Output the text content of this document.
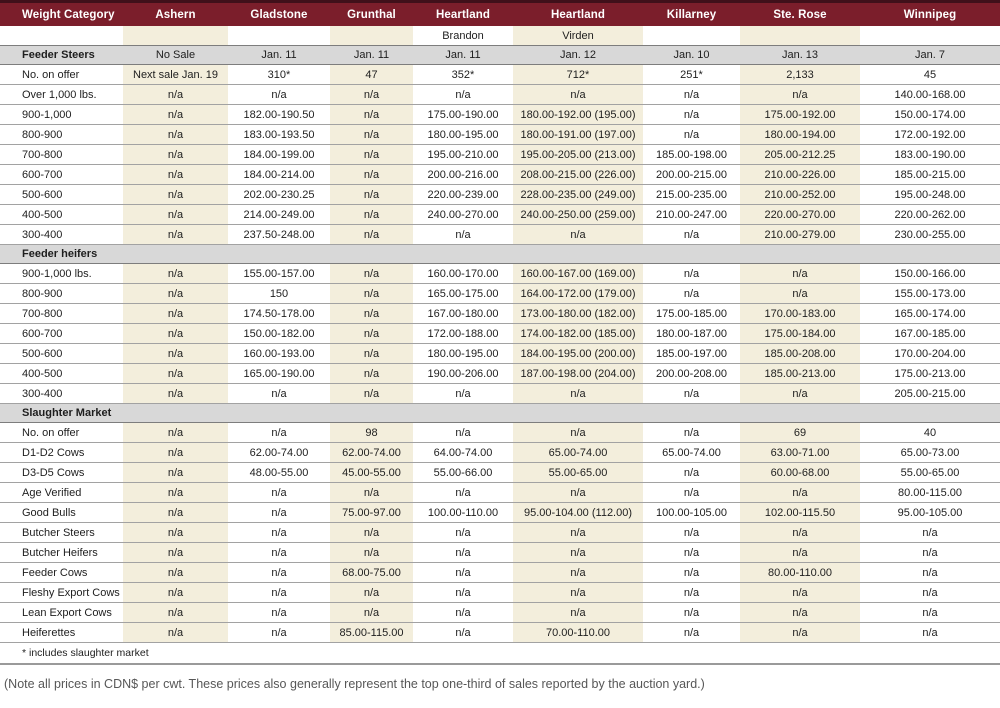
Weight Category	Ashern	Gladstone	Grunthal	Heartland	Heartland	Killarney	Ste. Rose	Winnipeg
				Brandon	Virden			
Feeder Steers	No Sale	Jan. 11	Jan. 11	Jan. 11	Jan. 12	Jan. 10	Jan. 13	Jan. 7
No. on offer	Next sale Jan. 19	310*	47	352*	712*	251*	2,133	45
Over 1,000 lbs.	n/a	n/a	n/a	n/a	n/a	n/a	n/a	140.00-168.00
900-1,000	n/a	182.00-190.50	n/a	175.00-190.00	180.00-192.00 (195.00)	n/a	175.00-192.00	150.00-174.00
800-900	n/a	183.00-193.50	n/a	180.00-195.00	180.00-191.00 (197.00)	n/a	180.00-194.00	172.00-192.00
700-800	n/a	184.00-199.00	n/a	195.00-210.00	195.00-205.00 (213.00)	185.00-198.00	205.00-212.25	183.00-190.00
600-700	n/a	184.00-214.00	n/a	200.00-216.00	208.00-215.00 (226.00)	200.00-215.00	210.00-226.00	185.00-215.00
500-600	n/a	202.00-230.25	n/a	220.00-239.00	228.00-235.00 (249.00)	215.00-235.00	210.00-252.00	195.00-248.00
400-500	n/a	214.00-249.00	n/a	240.00-270.00	240.00-250.00 (259.00)	210.00-247.00	220.00-270.00	220.00-262.00
300-400	n/a	237.50-248.00	n/a	n/a	n/a	n/a	210.00-279.00	230.00-255.00
Feeder heifers								
900-1,000 lbs.	n/a	155.00-157.00	n/a	160.00-170.00	160.00-167.00 (169.00)	n/a	n/a	150.00-166.00
800-900	n/a	150	n/a	165.00-175.00	164.00-172.00 (179.00)	n/a	n/a	155.00-173.00
700-800	n/a	174.50-178.00	n/a	167.00-180.00	173.00-180.00 (182.00)	175.00-185.00	170.00-183.00	165.00-174.00
600-700	n/a	150.00-182.00	n/a	172.00-188.00	174.00-182.00 (185.00)	180.00-187.00	175.00-184.00	167.00-185.00
500-600	n/a	160.00-193.00	n/a	180.00-195.00	184.00-195.00 (200.00)	185.00-197.00	185.00-208.00	170.00-204.00
400-500	n/a	165.00-190.00	n/a	190.00-206.00	187.00-198.00 (204.00)	200.00-208.00	185.00-213.00	175.00-213.00
300-400	n/a	n/a	n/a	n/a	n/a	n/a	n/a	205.00-215.00
Slaughter Market								
No. on offer	n/a	n/a	98	n/a	n/a	n/a	69	40
D1-D2 Cows	n/a	62.00-74.00	62.00-74.00	64.00-74.00	65.00-74.00	65.00-74.00	63.00-71.00	65.00-73.00
D3-D5 Cows	n/a	48.00-55.00	45.00-55.00	55.00-66.00	55.00-65.00	n/a	60.00-68.00	55.00-65.00
Age Verified	n/a	n/a	n/a	n/a	n/a	n/a	n/a	80.00-115.00
Good Bulls	n/a	n/a	75.00-97.00	100.00-110.00	95.00-104.00 (112.00)	100.00-105.00	102.00-115.50	95.00-105.00
Butcher Steers	n/a	n/a	n/a	n/a	n/a	n/a	n/a	n/a
Butcher Heifers	n/a	n/a	n/a	n/a	n/a	n/a	n/a	n/a
Feeder Cows	n/a	n/a	68.00-75.00	n/a	n/a	n/a	80.00-110.00	n/a
Fleshy Export Cows	n/a	n/a	n/a	n/a	n/a	n/a	n/a	n/a
Lean Export Cows	n/a	n/a	n/a	n/a	n/a	n/a	n/a	n/a
Heiferettes	n/a	n/a	85.00-115.00	n/a	70.00-110.00	n/a	n/a	n/a
* includes slaughter market								
(Note all prices in CDN$ per cwt. These prices also generally represent the top one-third of sales reported by the auction yard.)
